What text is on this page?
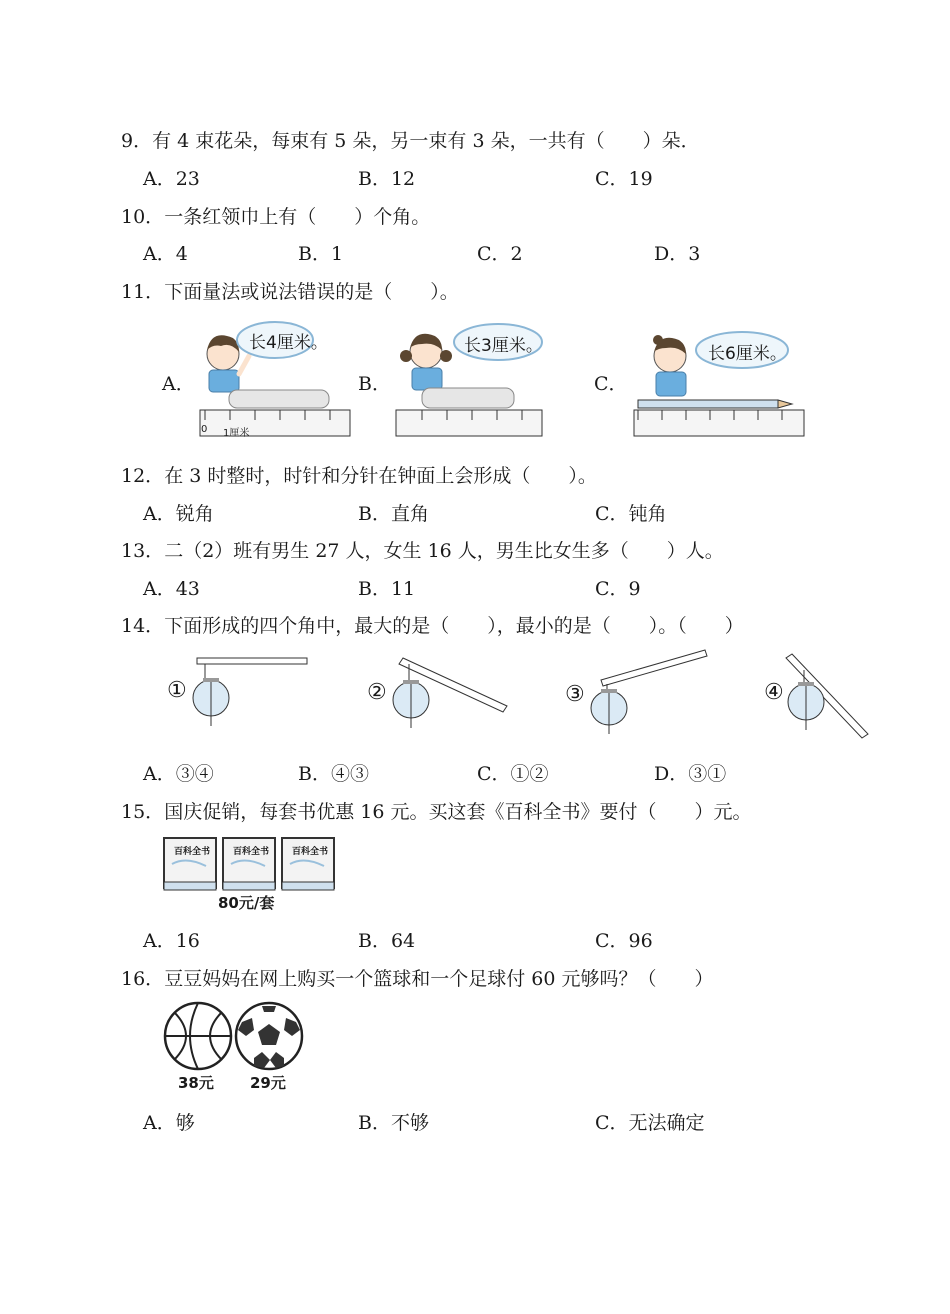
9．有 4 束花朵，每束有 5 朵，另一束有 3 朵，一共有（　　）朵．
A．23	B．12	C．19
10．一条红领巾上有（　　）个角。
A．4	B．1	C．2	D．3
11．下面量法或说法错误的是（　　）。
A．	B．	C．
长4厘米。
0 1厘米
长3厘米。	长6厘米。
12．在 3 时整时，时针和分针在钟面上会形成（　　）。
A．锐角	B．直角	C．钝角
13．二（2）班有男生 27 人，女生 16 人，男生比女生多（　　）人。
A．43	B．11	C．9
14．下面形成的四个角中，最大的是（　　），最小的是（　　）。（　　）
①	②	③	④
A．③④	B．④③	C．①②	D．③①
15．国庆促销，每套书优惠 16 元。买这套《百科全书》要付（　　）元。
百科全书	百科全书	百科全书
80元/套
A．16	B．64	C．96
16．豆豆妈妈在网上购买一个篮球和一个足球付 60 元够吗？（　　）
38元 29元
A．够	B．不够	C．无法确定
